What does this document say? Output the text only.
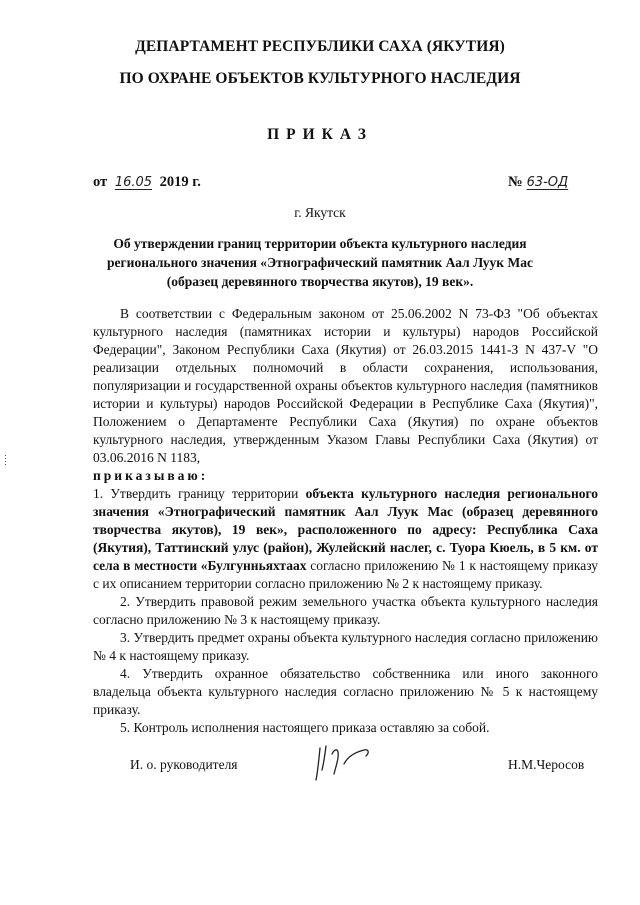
ДЕПАРТАМЕНТ РЕСПУБЛИКИ САХА (ЯКУТИЯ)

ПО ОХРАНЕ ОБЪЕКТОВ КУЛЬТУРНОГО НАСЛЕДИЯ

ПРИКАЗ

от 16.05 2019 г.	№ 63-ОД
г. Якутск
Об утверждении границ территории объекта культурного наследия регионального значения «Этнографический памятник Аал Луук Мас (образец деревянного творчества якутов), 19 век».

В соответствии с Федеральным законом от 25.06.2002 N 73-ФЗ "Об объектах культурного наследия (памятниках истории и культуры) народов Российской Федерации", Законом Республики Саха (Якутия) от 26.03.2015 1441-З N 437-V "О реализации отдельных полномочий в области сохранения, использования, популяризации и государственной охраны объектов культурного наследия (памятников истории и культуры) народов Российской Федерации в Республике Саха (Якутия)", Положением о Департаменте Республики Саха (Якутия) по охране объектов культурного наследия, утвержденным Указом Главы Республики Саха (Якутия) от 03.06.2016 N 1183,

приказываю:

1. Утвердить границу территории объекта культурного наследия регионального значения «Этнографический памятник Аал Луук Мас (образец деревянного творчества якутов), 19 век», расположенного по адресу: Республика Саха (Якутия), Таттинский улус (район), Жулейский наслег, с. Туора Кюель, в 5 км. от села в местности «Булгунньяхтаах согласно приложению № 1 к настоящему приказу с их описанием территории согласно приложению № 2 к настоящему приказу.

2. Утвердить правовой режим земельного участка объекта культурного наследия согласно приложению № 3 к настоящему приказу.

3. Утвердить предмет охраны объекта культурного наследия согласно приложению № 4 к настоящему приказу.

4. Утвердить охранное обязательство собственника или иного законного владельца объекта культурного наследия согласно приложению № 5 к настоящему приказу.

5. Контроль исполнения настоящего приказа оставляю за собой.

И. о. руководителя	Н.М.Черосов
